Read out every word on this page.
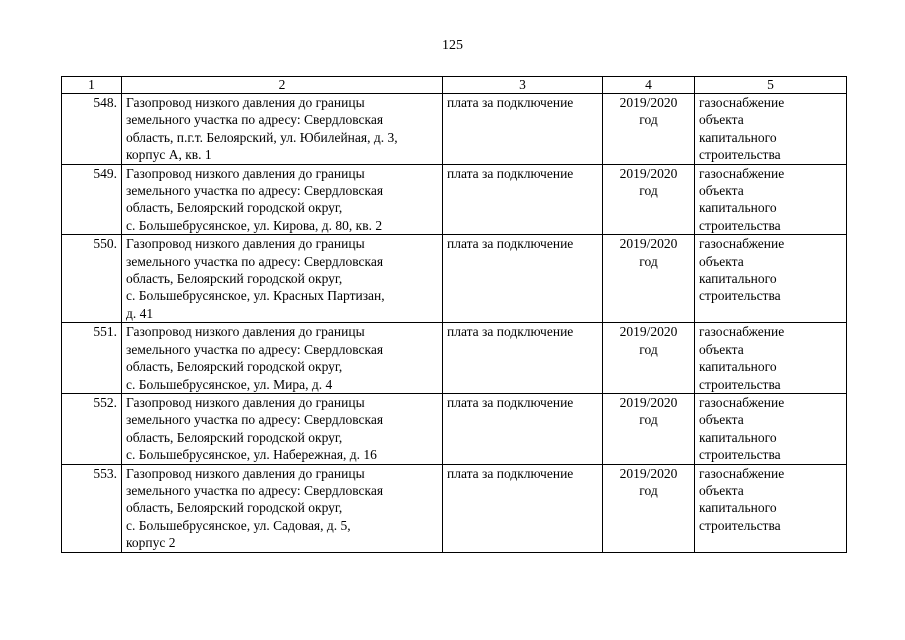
125
1	2	3	4	5
548.	Газопровод низкого давления до границы
земельного участка по адресу: Свердловская
область, п.г.т. Белоярский, ул. Юбилейная, д. 3,
корпус А, кв. 1	плата за подключение	2019/2020
год	газоснабжение
объекта
капитального
строительства

549.	Газопровод низкого давления до границы
земельного участка по адресу: Свердловская
область, Белоярский городской округ,
с. Большебрусянское, ул. Кирова, д. 80, кв. 2	плата за подключение	2019/2020
год	газоснабжение
объекта
капитального
строительства

550.	Газопровод низкого давления до границы
земельного участка по адресу: Свердловская
область, Белоярский городской округ,
с. Большебрусянское, ул. Красных Партизан,
д. 41	плата за подключение	2019/2020
год	газоснабжение
объекта
капитального
строительства

551.	Газопровод низкого давления до границы
земельного участка по адресу: Свердловская
область, Белоярский городской округ,
с. Большебрусянское, ул. Мира, д. 4	плата за подключение	2019/2020
год	газоснабжение
объекта
капитального
строительства

552.	Газопровод низкого давления до границы
земельного участка по адресу: Свердловская
область, Белоярский городской округ,
с. Большебрусянское, ул. Набережная, д. 16	плата за подключение	2019/2020
год	газоснабжение
объекта
капитального
строительства

553.	Газопровод низкого давления до границы
земельного участка по адресу: Свердловская
область, Белоярский городской округ,
с. Большебрусянское, ул. Садовая, д. 5,
корпус 2	плата за подключение	2019/2020
год	газоснабжение
объекта
капитального
строительства
